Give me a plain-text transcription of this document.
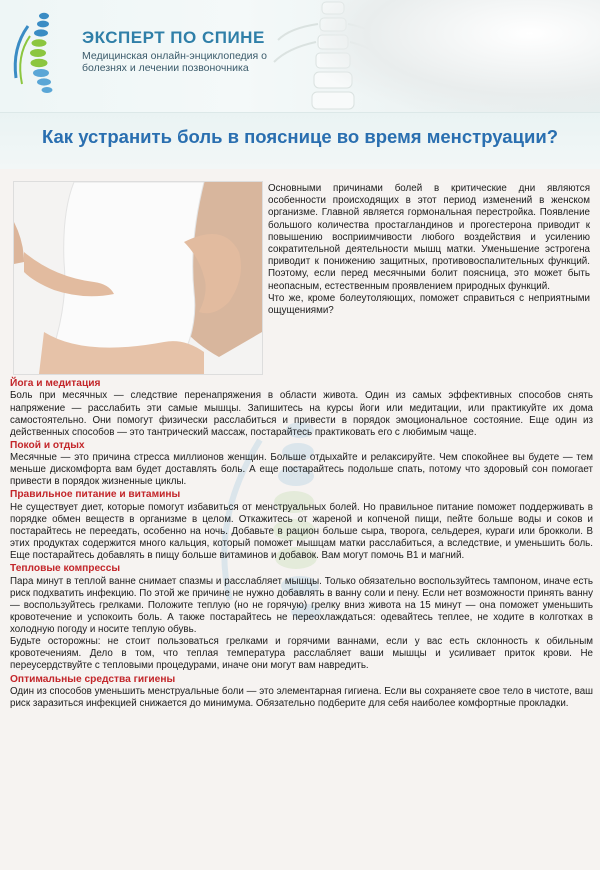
ЭКСПЕРТ ПО СПИНЕ
Медицинская онлайн-энциклопедия о болезнях и лечении позвоночника
Как устранить боль в пояснице во время менструации?

Основными причинами болей в критические дни являются особенности происходящих в этот период изменений в женском организме. Главной является гормональная перестройка. Появление большого количества простагландинов и прогестерона приводит к повышению восприимчивости любого воздействия и усилению сократительной деятельности мышц матки. Уменьшение эстрогена приводит к понижению защитных, противовоспалительных функций. Поэтому, если перед месячными болит поясница, это может быть неопасным, естественным проявлением природных функций.

Что же, кроме болеутоляющих, поможет справиться с неприятными ощущениями?

Йога и медитация

Боль при месячных — следствие перенапряжения в области живота. Один из самых эффективных способов снять напряжение — расслабить эти самые мышцы. Запишитесь на курсы йоги или медитации, или практикуйте их дома самостоятельно. Они помогут физически расслабиться и привести в порядок эмоциональное состояние. Еще один из действенных способов — это тантрический массаж, постарайтесь практиковать его с любимым чаще.

Покой и отдых

Месячные — это причина стресса миллионов женщин. Больше отдыхайте и релаксируйте. Чем спокойнее вы будете — тем меньше дискомфорта вам будет доставлять боль. А еще постарайтесь подольше спать, потому что здоровый сон помогает привести в порядок жизненные циклы.

Правильное питание и витамины

Не существует диет, которые помогут избавиться от менструальных болей. Но правильное питание поможет поддерживать в порядке обмен веществ в организме в целом. Откажитесь от жареной и копченой пищи, пейте больше воды и соков и постарайтесь не переедать, особенно на ночь. Добавьте в рацион больше сыра, творога, сельдерея, кураги или брокколи. В этих продуктах содержится много кальция, который поможет мышцам матки расслабиться, а вследствие, и уменьшить боль. Еще постарайтесь добавлять в пищу больше витаминов и добавок. Вам могут помочь В1 и магний.

Тепловые компрессы

Пара минут в теплой ванне снимает спазмы и расслабляет мышцы. Только обязательно воспользуйтесь тампоном, иначе есть риск подхватить инфекцию. По этой же причине не нужно добавлять в ванну соли и пену. Если нет возможности принять ванну — воспользуйтесь грелками. Положите теплую (но не горячую) грелку вниз живота на 15 минут — она поможет уменьшить кровотечение и успокоить боль. А также постарайтесь не переохлаждаться: одевайтесь теплее, не ходите в колготках в холодную погоду и носите теплую обувь.

Будьте осторожны: не стоит пользоваться грелками и горячими ваннами, если у вас есть склонность к обильным кровотечениям. Дело в том, что теплая температура расслабляет ваши мышцы и усиливает приток крови. Не переусердствуйте с тепловыми процедурами, иначе они могут вам навредить.

Оптимальные средства гигиены

Один из способов уменьшить менструальные боли — это элементарная гигиена. Если вы сохраняете свое тело в чистоте, ваш риск заразиться инфекцией снижается до минимума. Обязательно подберите для себя наиболее комфортные прокладки.
